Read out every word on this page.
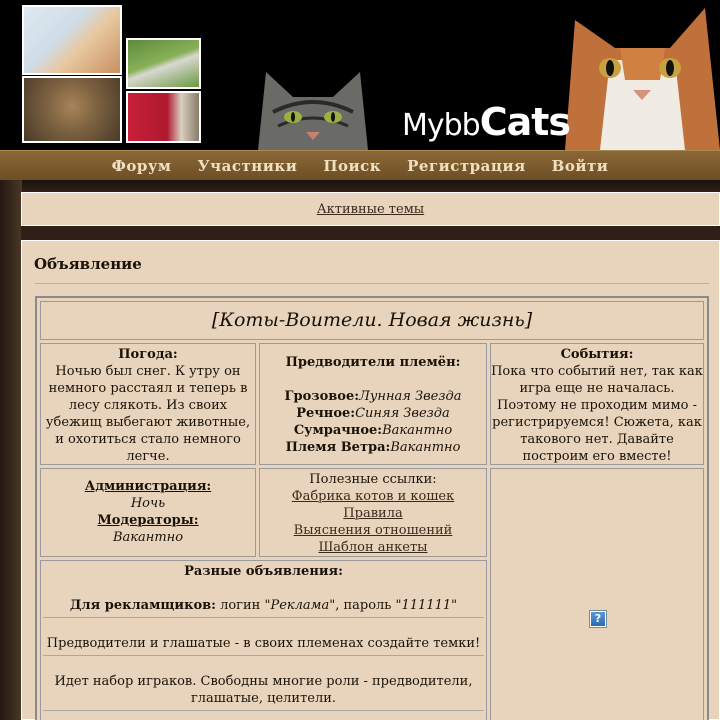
MybbCats
Форум Участники Поиск Регистрация Войти
Активные темы
Объявление
[Коты-Воители. Новая жизнь]
Погода:
Ночью был снег. К утру он немного расстаял и теперь в лесу слякоть. Из своих убежищ выбегают животные, и охотиться стало немного легче.
Предводители племён:

Грозовое:Лунная Звезда
Речное:Синяя Звезда
Сумрачное:Вакантно
Племя Ветра:Вакантно
События:
Пока что событий нет, так как игра еще не началась. Поэтому не проходим мимо - регистрируемся! Сюжета, как такового нет. Давайте построим его вместе!
Администрация:
Ночь
Модераторы:
Вакантно
Полезные ссылки:
Фабрика котов и кошек
Правила
Выяснения отношений
Шаблон анкеты
?
Разные объявления:

Для рекламщиков: логин "Реклама", пароль "111111"
Предводители и глашатые - в своих племенах создайте темки!
Идет набор играков. Свободны многие роли - предводители, глашатые, целители.
